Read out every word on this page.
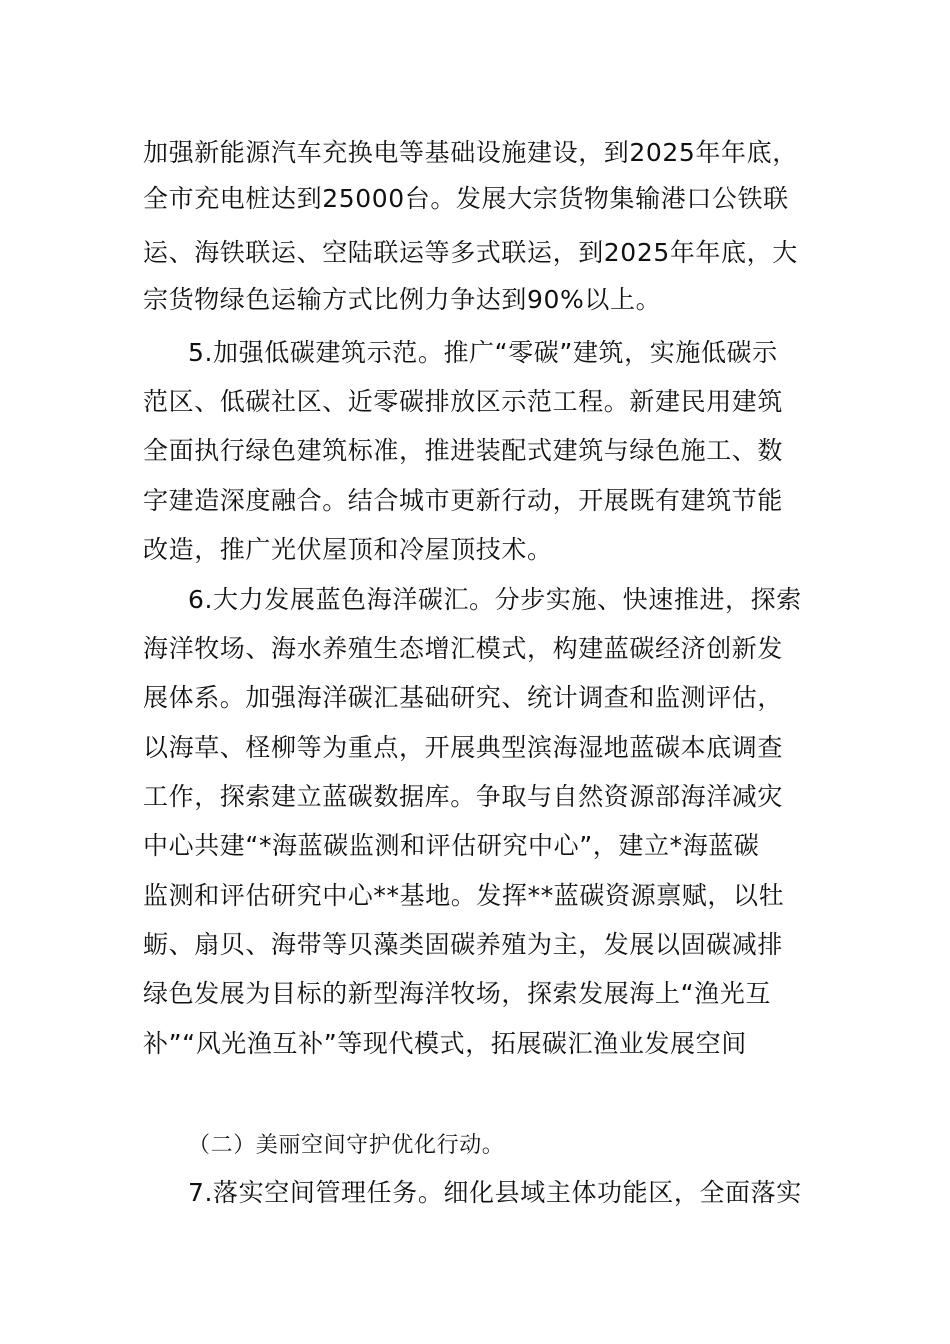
加强新能源汽车充换电等基础设施建设，到2025年年底，
全市充电桩达到25000台。发展大宗货物集输港口公铁联
运、海铁联运、空陆联运等多式联运，到2025年年底，大
宗货物绿色运输方式比例力争达到90%以上。
5.加强低碳建筑示范。推广“零碳”建筑，实施低碳示
范区、低碳社区、近零碳排放区示范工程。新建民用建筑
全面执行绿色建筑标准，推进装配式建筑与绿色施工、数
字建造深度融合。结合城市更新行动，开展既有建筑节能
改造，推广光伏屋顶和冷屋顶技术。
6.大力发展蓝色海洋碳汇。分步实施、快速推进，探索
海洋牧场、海水养殖生态增汇模式，构建蓝碳经济创新发
展体系。加强海洋碳汇基础研究、统计调查和监测评估，
以海草、柽柳等为重点，开展典型滨海湿地蓝碳本底调查
工作，探索建立蓝碳数据库。争取与自然资源部海洋减灾
中心共建“*海蓝碳监测和评估研究中心”，建立*海蓝碳
监测和评估研究中心**基地。发挥**蓝碳资源禀赋，以牡
蛎、扇贝、海带等贝藻类固碳养殖为主，发展以固碳减排
绿色发展为目标的新型海洋牧场，探索发展海上“渔光互
补”“风光渔互补”等现代模式，拓展碳汇渔业发展空间
（二）美丽空间守护优化行动。
7.落实空间管理任务。细化县域主体功能区，全面落实
